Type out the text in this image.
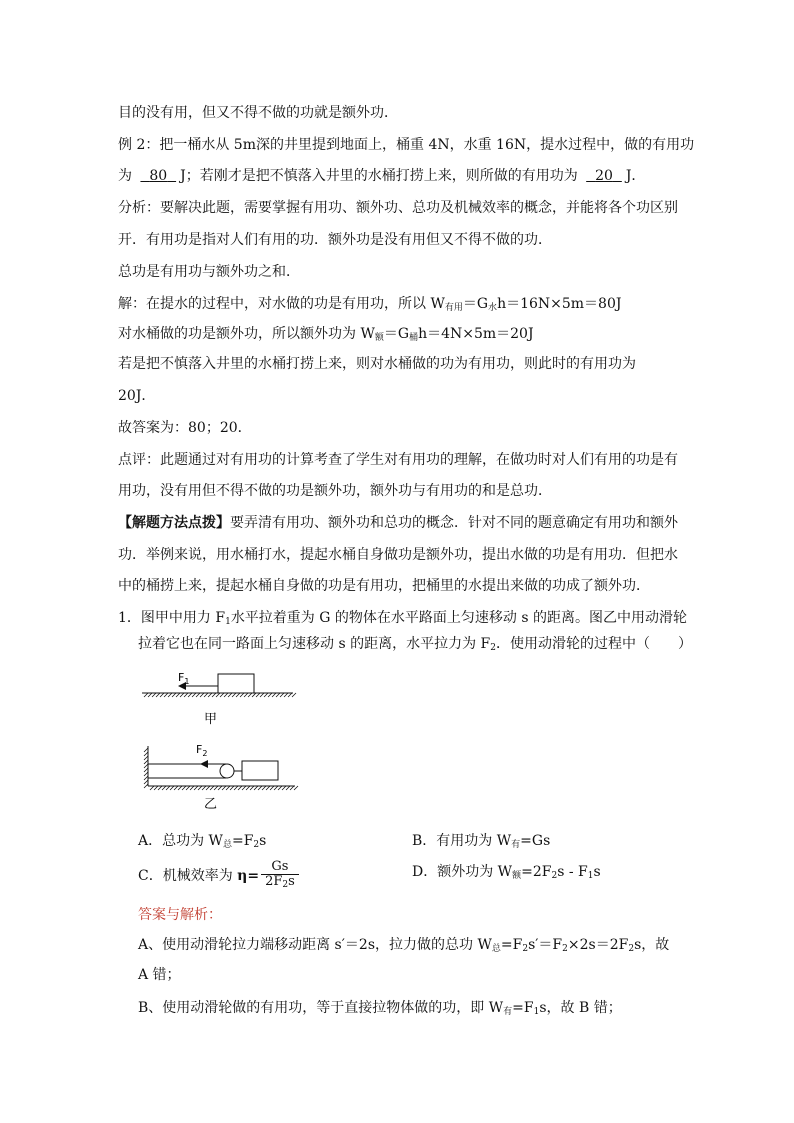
目的没有用，但又不得不做的功就是额外功．
例 2：把一桶水从 5m深的井里提到地面上，桶重 4N，水重 16N，提水过程中，做的有用功
为 80 J；若刚才是把不慎落入井里的水桶打捞上来，则所做的有用功为 20 J．
分析：要解决此题，需要掌握有用功、额外功、总功及机械效率的概念，并能将各个功区别
开．有用功是指对人们有用的功．额外功是没有用但又不得不做的功．
总功是有用功与额外功之和．
解：在提水的过程中，对水做的功是有用功，所以 $W_{有用}=G_水h=16N\times 5m=80J$
对水桶做的功是额外功，所以额外功为 $W_额=G_桶h=4N\times 5m=20J$
若是把不慎落入井里的水桶打捞上来，则对水桶做的功为有用功，则此时的有用功为
20J．
故答案为：80；20．
点评：此题通过对有用功的计算考查了学生对有用功的理解，在做功时对人们有用的功是有
用功，没有用但不得不做的功是额外功，额外功与有用功的和是总功．
【解题方法点拨】要弄清有用功、额外功和总功的概念．针对不同的题意确定有用功和额外
功．举例来说，用水桶打水，提起水桶自身做功是额外功，提出水做的功是有用功．但把水
中的桶捞上来，提起水桶自身做的功是有用功，把桶里的水提出来做的功成了额外功．
1．图甲中用力 $F_1$水平拉着重为 G 的物体在水平路面上匀速移动 s 的距离。图乙中用动滑轮
拉着它也在同一路面上匀速移动 s 的距离，水平拉力为 $F_2$．使用动滑轮的过程中（　　）
$F_1$
甲
$F_2$
乙
A．总功为 $W_总=F_2s$	B．有用功为 $W_有=Gs$
C．机械效率为 $\eta= \frac{Gs}{2F_2s}$	D．额外功为 $W_额=2F_2s - F_1s$
答案与解析：
A、使用动滑轮拉力端移动距离 s′＝2s，拉力做的总功 $W_总=F_2s'=F_2\times 2s=2F_2s$，故
A 错；
B、使用动滑轮做的有用功，等于直接拉物体做的功，即 $W_有=F_1s$，故 B 错；
